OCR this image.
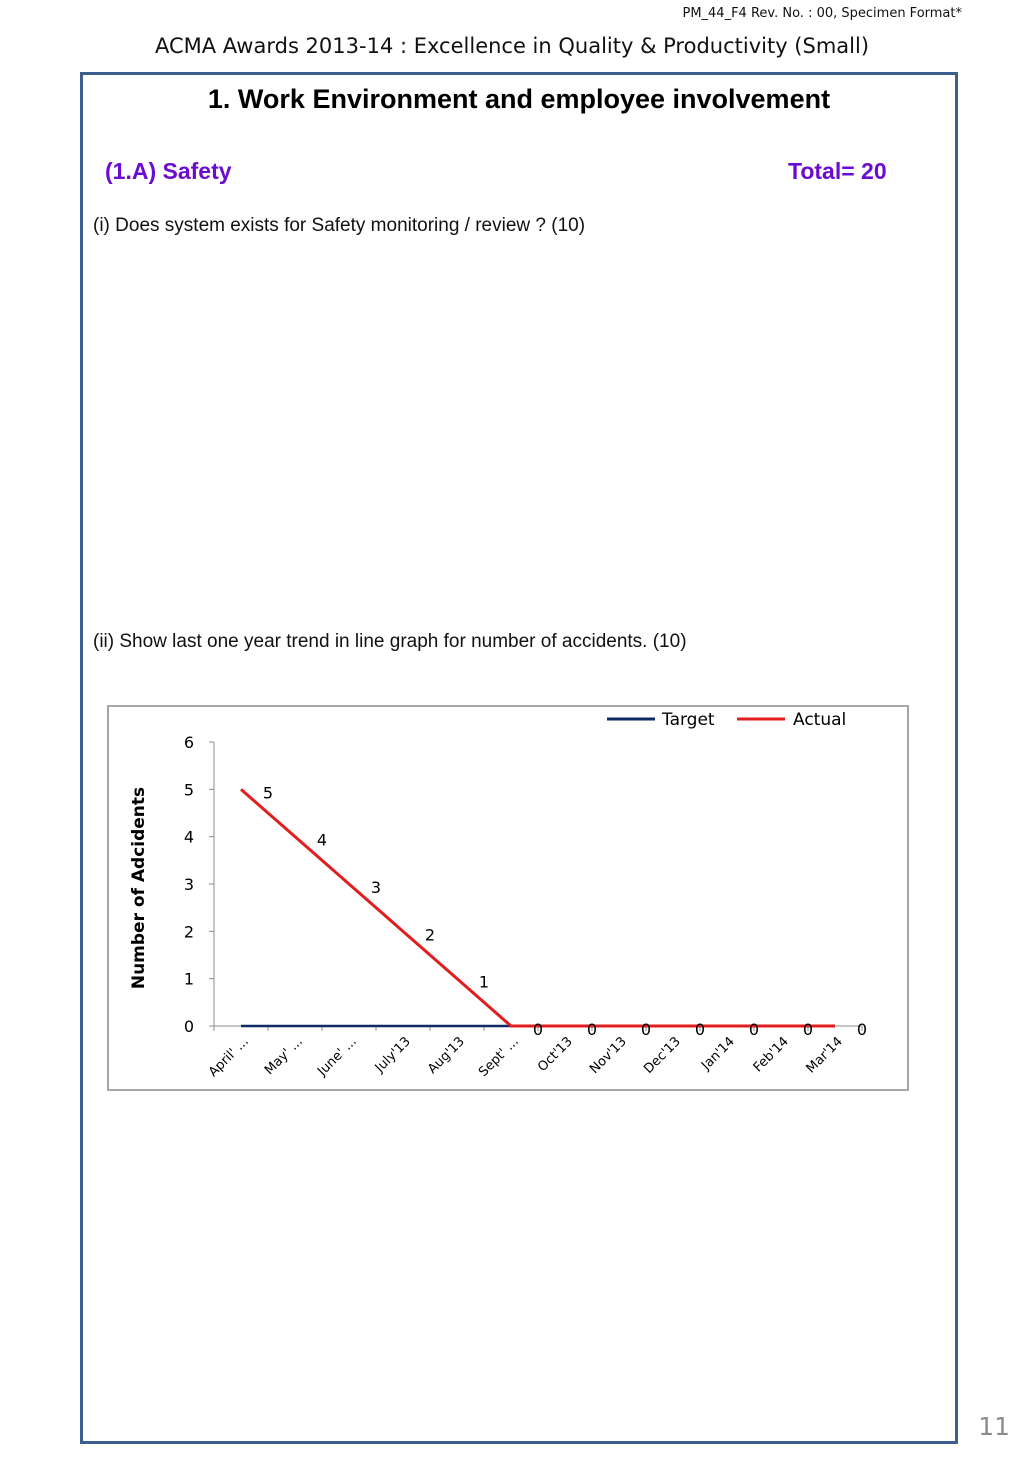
PM_44_F4 Rev. No. : 00, Specimen Format*
ACMA Awards 2013-14 : Excellence in Quality & Productivity (Small)
1. Work Environment and employee involvement
(1.A) Safety	Total= 20
(i) Does system exists for Safety monitoring / review ? (10)
(ii) Show last one year trend in line graph for number of accidents. (10)
0
1
2
3
4
5
6
April' ... May' ... June' ... July'13 Aug'13 Sept' ... Oct'13 Nov'13 Dec'13 Jan'14 Feb'14 Mar'14
Number of Adcidents	5
4
3
2
1
0	0	0	0	0	0	0
Target	Actual
11
